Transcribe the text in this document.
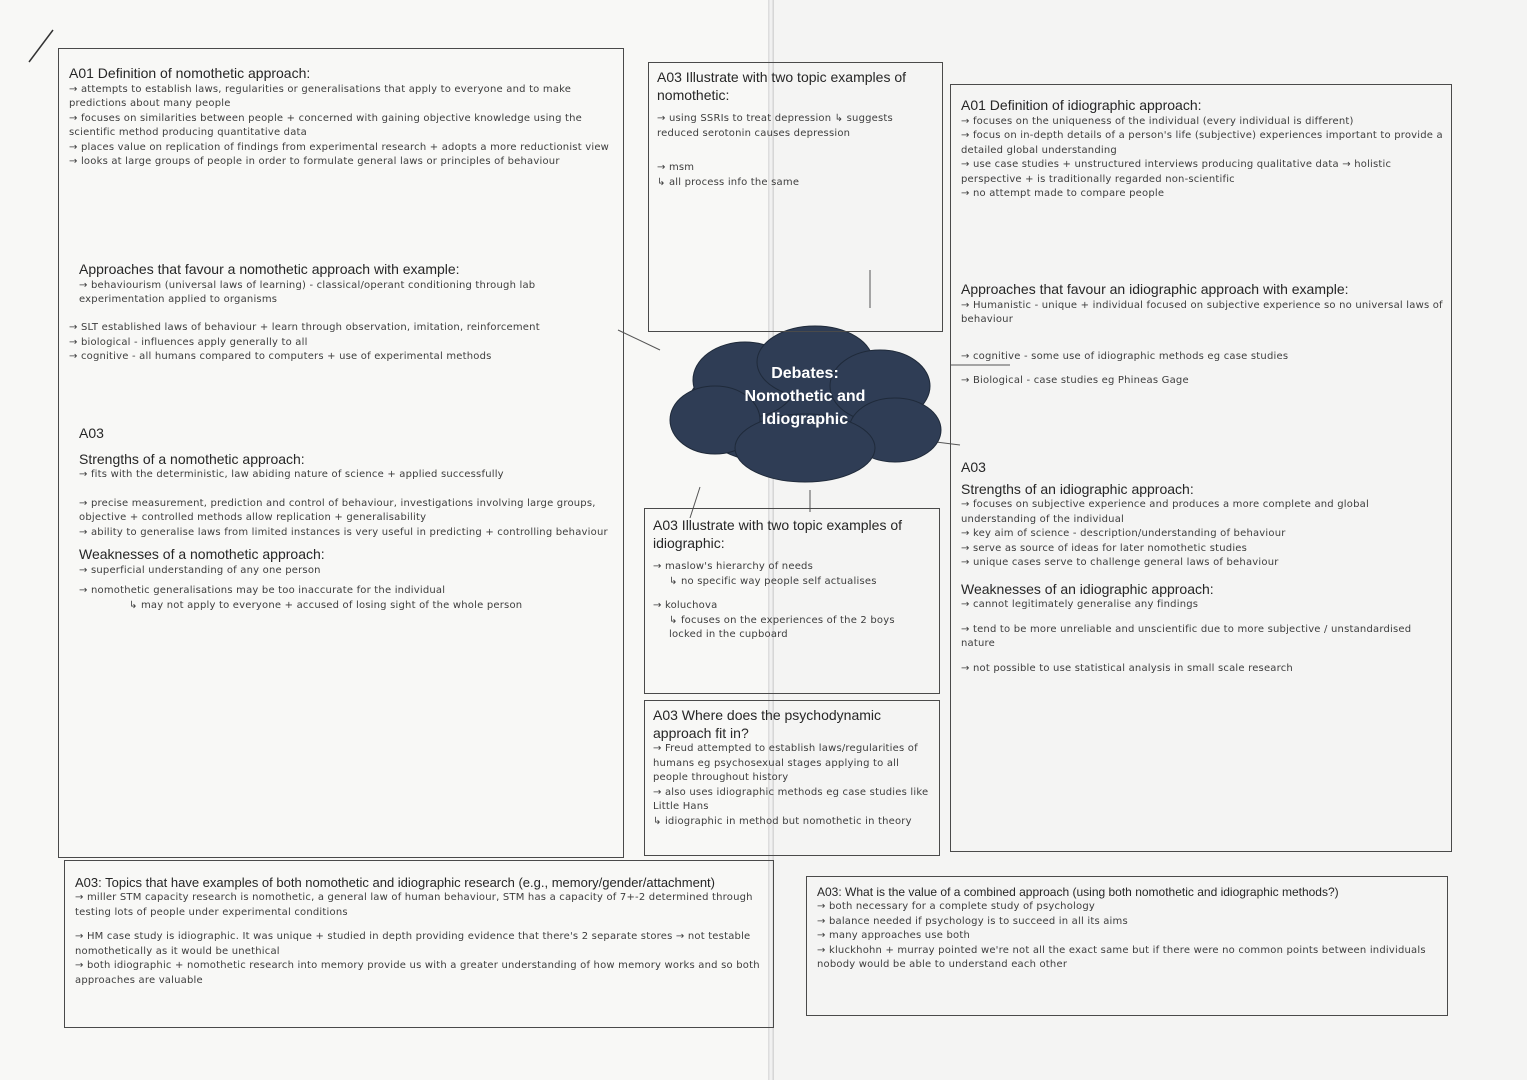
Debates:
Nomothetic and
Idiographic

A01 Definition of nomothetic approach:

→ attempts to establish laws, regularities or generalisations that apply to everyone and to make predictions about many people

→ focuses on similarities between people + concerned with gaining objective knowledge using the scientific method producing quantitative data

→ places value on replication of findings from experimental research + adopts a more reductionist view

→ looks at large groups of people in order to formulate general laws or principles of behaviour

Approaches that favour a nomothetic approach with example:

→ behaviourism (universal laws of learning) - classical/operant conditioning through lab experimentation applied to organisms

→ SLT established laws of behaviour + learn through observation, imitation, reinforcement

→ biological - influences apply generally to all

→ cognitive - all humans compared to computers + use of experimental methods

A03

Strengths of a nomothetic approach:

→ fits with the deterministic, law abiding nature of science + applied successfully

→ precise measurement, prediction and control of behaviour, investigations involving large groups, objective + controlled methods allow replication + generalisability

→ ability to generalise laws from limited instances is very useful in predicting + controlling behaviour

Weaknesses of a nomothetic approach:

→ superficial understanding of any one person

→ nomothetic generalisations may be too inaccurate for the individual

↳ may not apply to everyone + accused of losing sight of the whole person

A03 Illustrate with two topic examples of nomothetic:

→ using SSRIs to treat depression ↳ suggests reduced serotonin causes depression

→ msm

↳ all process info the same

A01 Definition of idiographic approach:

→ focuses on the uniqueness of the individual (every individual is different)

→ focus on in-depth details of a person's life (subjective) experiences important to provide a detailed global understanding

→ use case studies + unstructured interviews producing qualitative data → holistic perspective + is traditionally regarded non-scientific

→ no attempt made to compare people

Approaches that favour an idiographic approach with example:

→ Humanistic - unique + individual focused on subjective experience so no universal laws of behaviour

→ cognitive - some use of idiographic methods eg case studies

→ Biological - case studies eg Phineas Gage

A03

Strengths of an idiographic approach:

→ focuses on subjective experience and produces a more complete and global understanding of the individual

→ key aim of science - description/understanding of behaviour

→ serve as source of ideas for later nomothetic studies

→ unique cases serve to challenge general laws of behaviour

Weaknesses of an idiographic approach:

→ cannot legitimately generalise any findings

→ tend to be more unreliable and unscientific due to more subjective / unstandardised nature

→ not possible to use statistical analysis in small scale research

A03 Illustrate with two topic examples of idiographic:

→ maslow's hierarchy of needs

↳ no specific way people self actualises

→ koluchova

↳ focuses on the experiences of the 2 boys locked in the cupboard

A03 Where does the psychodynamic approach fit in?

→ Freud attempted to establish laws/regularities of humans eg psychosexual stages applying to all people throughout history

→ also uses idiographic methods eg case studies like Little Hans

↳ idiographic in method but nomothetic in theory

A03: Topics that have examples of both nomothetic and idiographic research (e.g., memory/gender/attachment)

→ miller STM capacity research is nomothetic, a general law of human behaviour, STM has a capacity of 7+-2 determined through testing lots of people under experimental conditions

→ HM case study is idiographic. It was unique + studied in depth providing evidence that there's 2 separate stores → not testable nomothetically as it would be unethical

→ both idiographic + nomothetic research into memory provide us with a greater understanding of how memory works and so both approaches are valuable

A03: What is the value of a combined approach (using both nomothetic and idiographic methods?)

→ both necessary for a complete study of psychology

→ balance needed if psychology is to succeed in all its aims

→ many approaches use both

→ kluckhohn + murray pointed we're not all the exact same but if there were no common points between individuals nobody would be able to understand each other
